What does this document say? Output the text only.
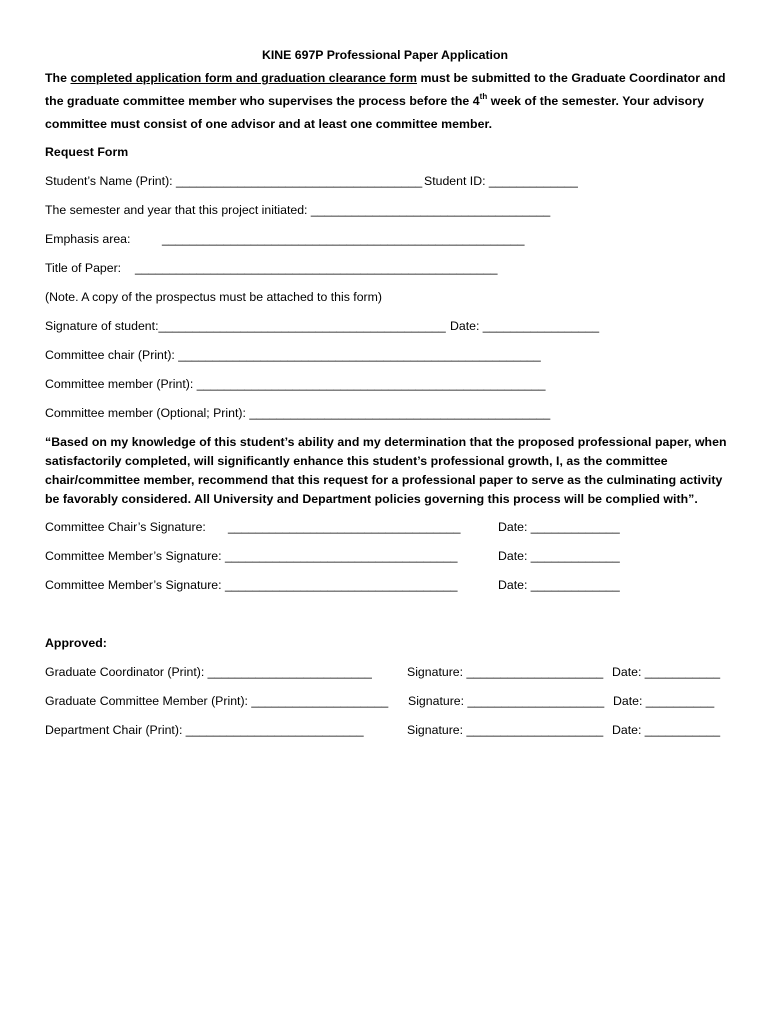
KINE 697P Professional Paper Application
The completed application form and graduation clearance form must be submitted to the Graduate Coordinator and
the graduate committee member who supervises the process before the 4th week of the semester. Your advisory
committee must consist of one advisor and at least one committee member.
Request Form
Student’s Name (Print): ____________________________________ Student ID: _____________
The semester and year that this project initiated: ___________________________________
Emphasis area:	_____________________________________________________
Title of Paper: _____________________________________________________
(Note. A copy of the prospectus must be attached to this form)
Signature of student:__________________________________________ Date: _________________
Committee chair (Print): _____________________________________________________
Committee member (Print): ___________________________________________________
Committee member (Optional; Print): ____________________________________________
“Based on my knowledge of this student’s ability and my determination that the proposed professional paper, when
satisfactorily completed, will significantly enhance this student’s professional growth, I, as the committee
chair/committee member, recommend that this request for a professional paper to serve as the culminating activity
be favorably considered. All University and Department policies governing this process will be complied with”.
Committee Chair’s Signature: __________________________________	Date: _____________
Committee Member’s Signature: __________________________________	Date: _____________
Committee Member’s Signature: __________________________________	Date: _____________
Approved:
Graduate Coordinator (Print): ________________________	Signature: ____________________ Date: ___________
Graduate Committee Member (Print): ____________________ Signature: ____________________ Date: __________
Department Chair (Print): __________________________	Signature: ____________________ Date: ___________
